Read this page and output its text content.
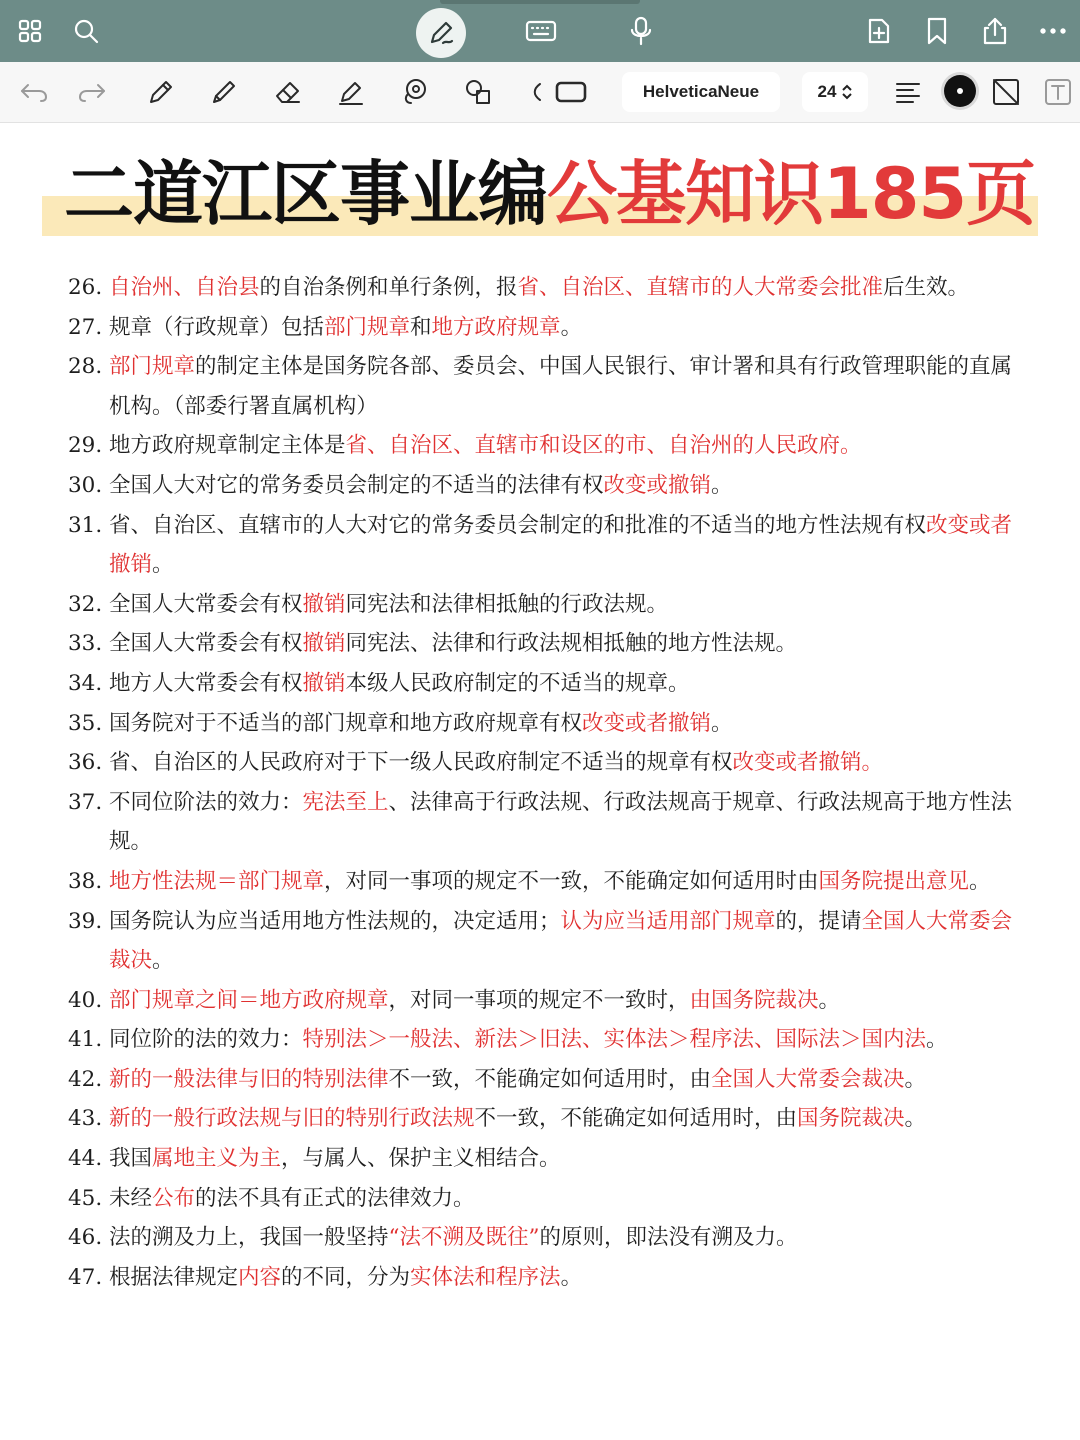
HelveticaNeue	24
二道江区事业编公基知识185页
26. 自治州、自治县的自治条例和单行条例，报省、自治区、直辖市的人大常委会批准后生效。
27. 规章（行政规章）包括部门规章和地方政府规章。
28. 部门规章的制定主体是国务院各部、委员会、中国人民银行、审计署和具有行政管理职能的直属机构。（部委行署直属机构）
29. 地方政府规章制定主体是省、自治区、直辖市和设区的市、自治州的人民政府。
30. 全国人大对它的常务委员会制定的不适当的法律有权改变或撤销。
31. 省、自治区、直辖市的人大对它的常务委员会制定的和批准的不适当的地方性法规有权改变或者撤销。
32. 全国人大常委会有权撤销同宪法和法律相抵触的行政法规。
33. 全国人大常委会有权撤销同宪法、法律和行政法规相抵触的地方性法规。
34. 地方人大常委会有权撤销本级人民政府制定的不适当的规章。
35. 国务院对于不适当的部门规章和地方政府规章有权改变或者撤销。
36. 省、自治区的人民政府对于下一级人民政府制定不适当的规章有权改变或者撤销。
37. 不同位阶法的效力：宪法至上、法律高于行政法规、行政法规高于规章、行政法规高于地方性法规。
38. 地方性法规＝部门规章，对同一事项的规定不一致，不能确定如何适用时由国务院提出意见。
39. 国务院认为应当适用地方性法规的，决定适用；认为应当适用部门规章的，提请全国人大常委会裁决。
40. 部门规章之间＝地方政府规章，对同一事项的规定不一致时，由国务院裁决。
41. 同位阶的法的效力：特别法＞一般法、新法＞旧法、实体法＞程序法、国际法＞国内法。
42. 新的一般法律与旧的特别法律不一致，不能确定如何适用时，由全国人大常委会裁决。
43. 新的一般行政法规与旧的特别行政法规不一致，不能确定如何适用时，由国务院裁决。
44. 我国属地主义为主，与属人、保护主义相结合。
45. 未经公布的法不具有正式的法律效力。
46. 法的溯及力上，我国一般坚持“法不溯及既往”的原则，即法没有溯及力。
47. 根据法律规定内容的不同，分为实体法和程序法。
